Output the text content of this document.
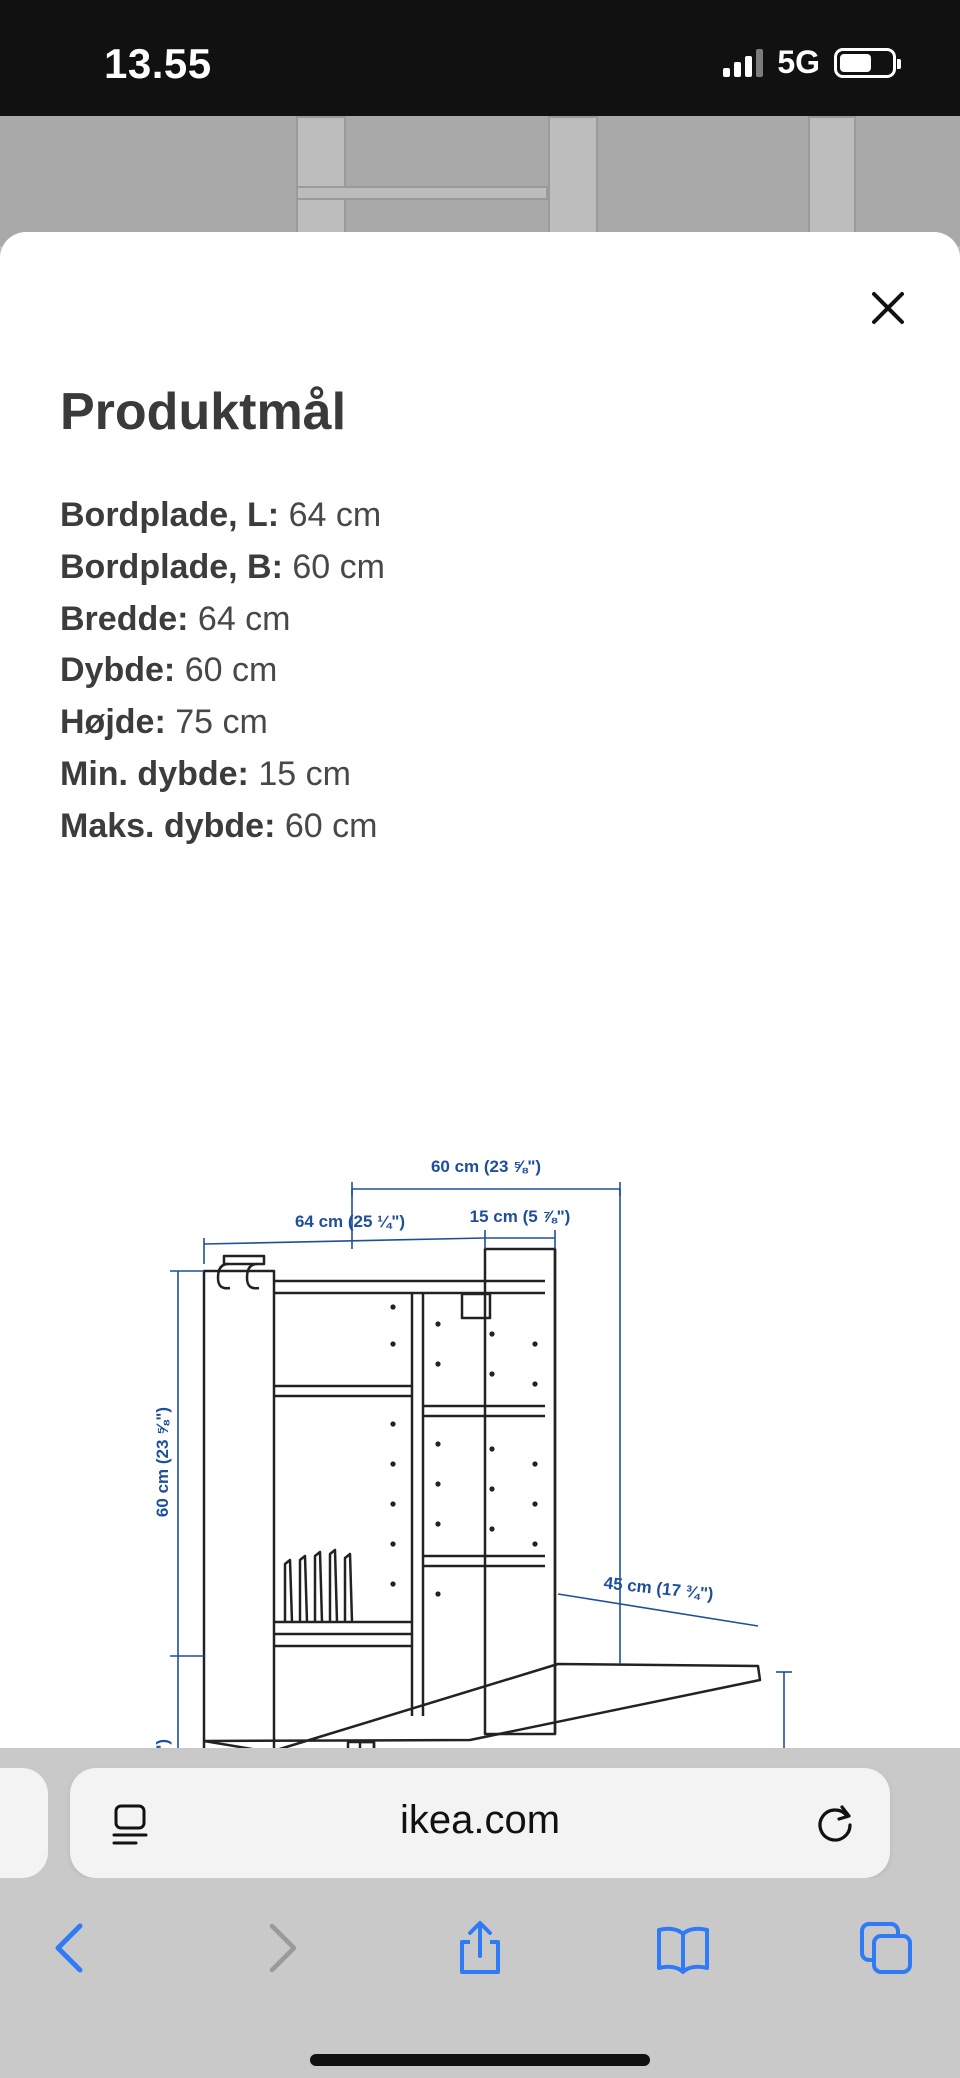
13.55	5G
Produktmål
Bordplade, L: 64 cm
Bordplade, B: 60 cm
Bredde: 64 cm
Dybde: 60 cm
Højde: 75 cm
Min. dybde: 15 cm
Maks. dybde: 60 cm
60 cm (23 ⅝")
64 cm (25 ¼")	15 cm (5 ⅞")
60 cm (23 ⅝")
45 cm (17 ¾")
ikea.com
